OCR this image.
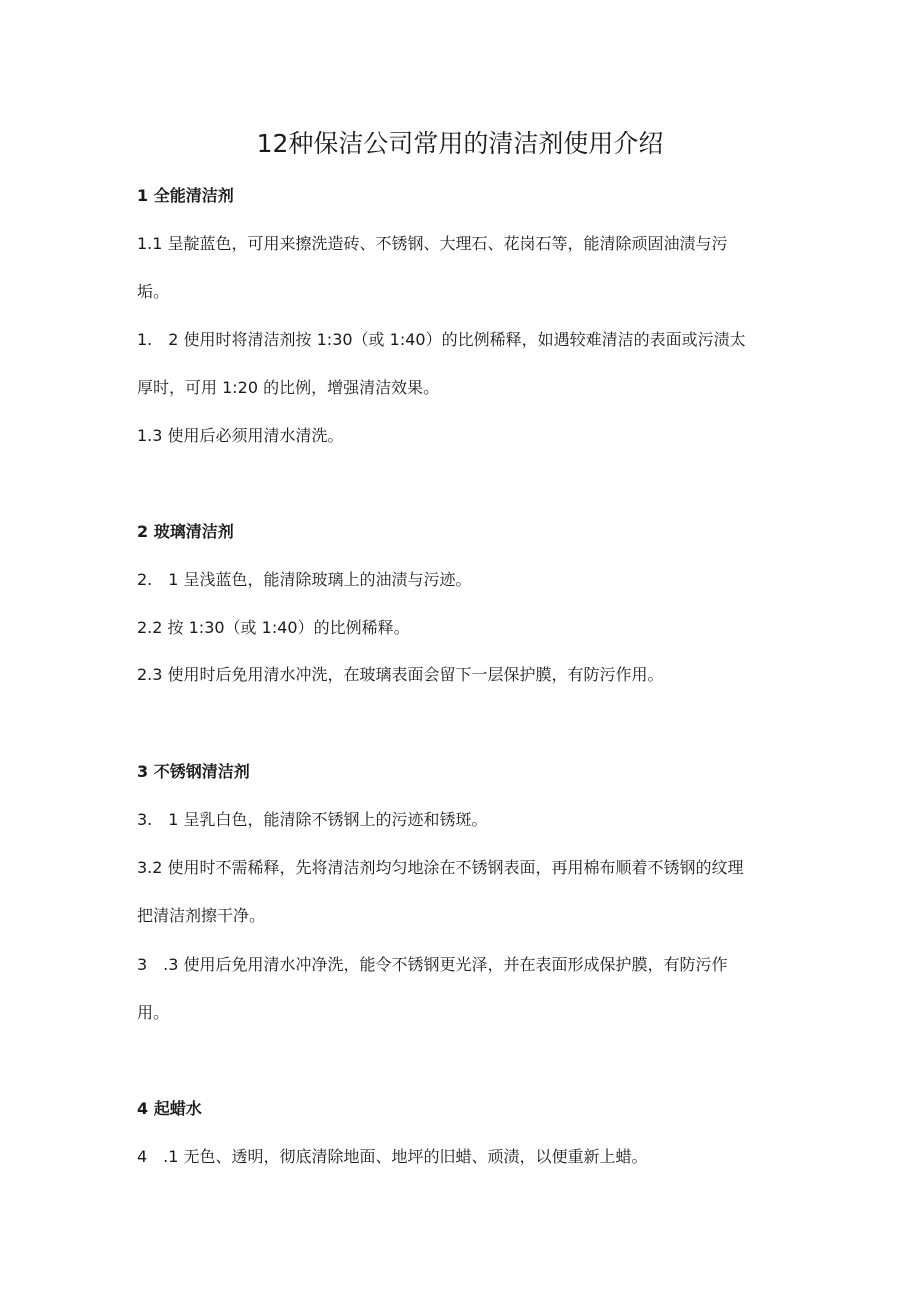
12种保洁公司常用的清洁剂使用介绍
1 全能清洁剂
1.1 呈靛蓝色，可用来擦洗造砖、不锈钢、大理石、花岗石等，能清除顽固油渍与污
垢。
1.　2 使用时将清洁剂按 1:30（或 1:40）的比例稀释，如遇较难清洁的表面或污渍太
厚时，可用 1:20 的比例，增强清洁效果。
1.3 使用后必须用清水清洗。
2 玻璃清洁剂
2.　1 呈浅蓝色，能清除玻璃上的油渍与污迹。
2.2 按 1:30（或 1:40）的比例稀释。
2.3 使用时后免用清水冲洗，在玻璃表面会留下一层保护膜，有防污作用。
3 不锈钢清洁剂
3.　1 呈乳白色，能清除不锈钢上的污迹和锈斑。
3.2 使用时不需稀释，先将清洁剂均匀地涂在不锈钢表面，再用棉布顺着不锈钢的纹理
把清洁剂擦干净。
3　.3 使用后免用清水冲净洗，能令不锈钢更光泽，并在表面形成保护膜，有防污作
用。
4 起蜡水
4　.1 无色、透明，彻底清除地面、地坪的旧蜡、顽渍，以便重新上蜡。
